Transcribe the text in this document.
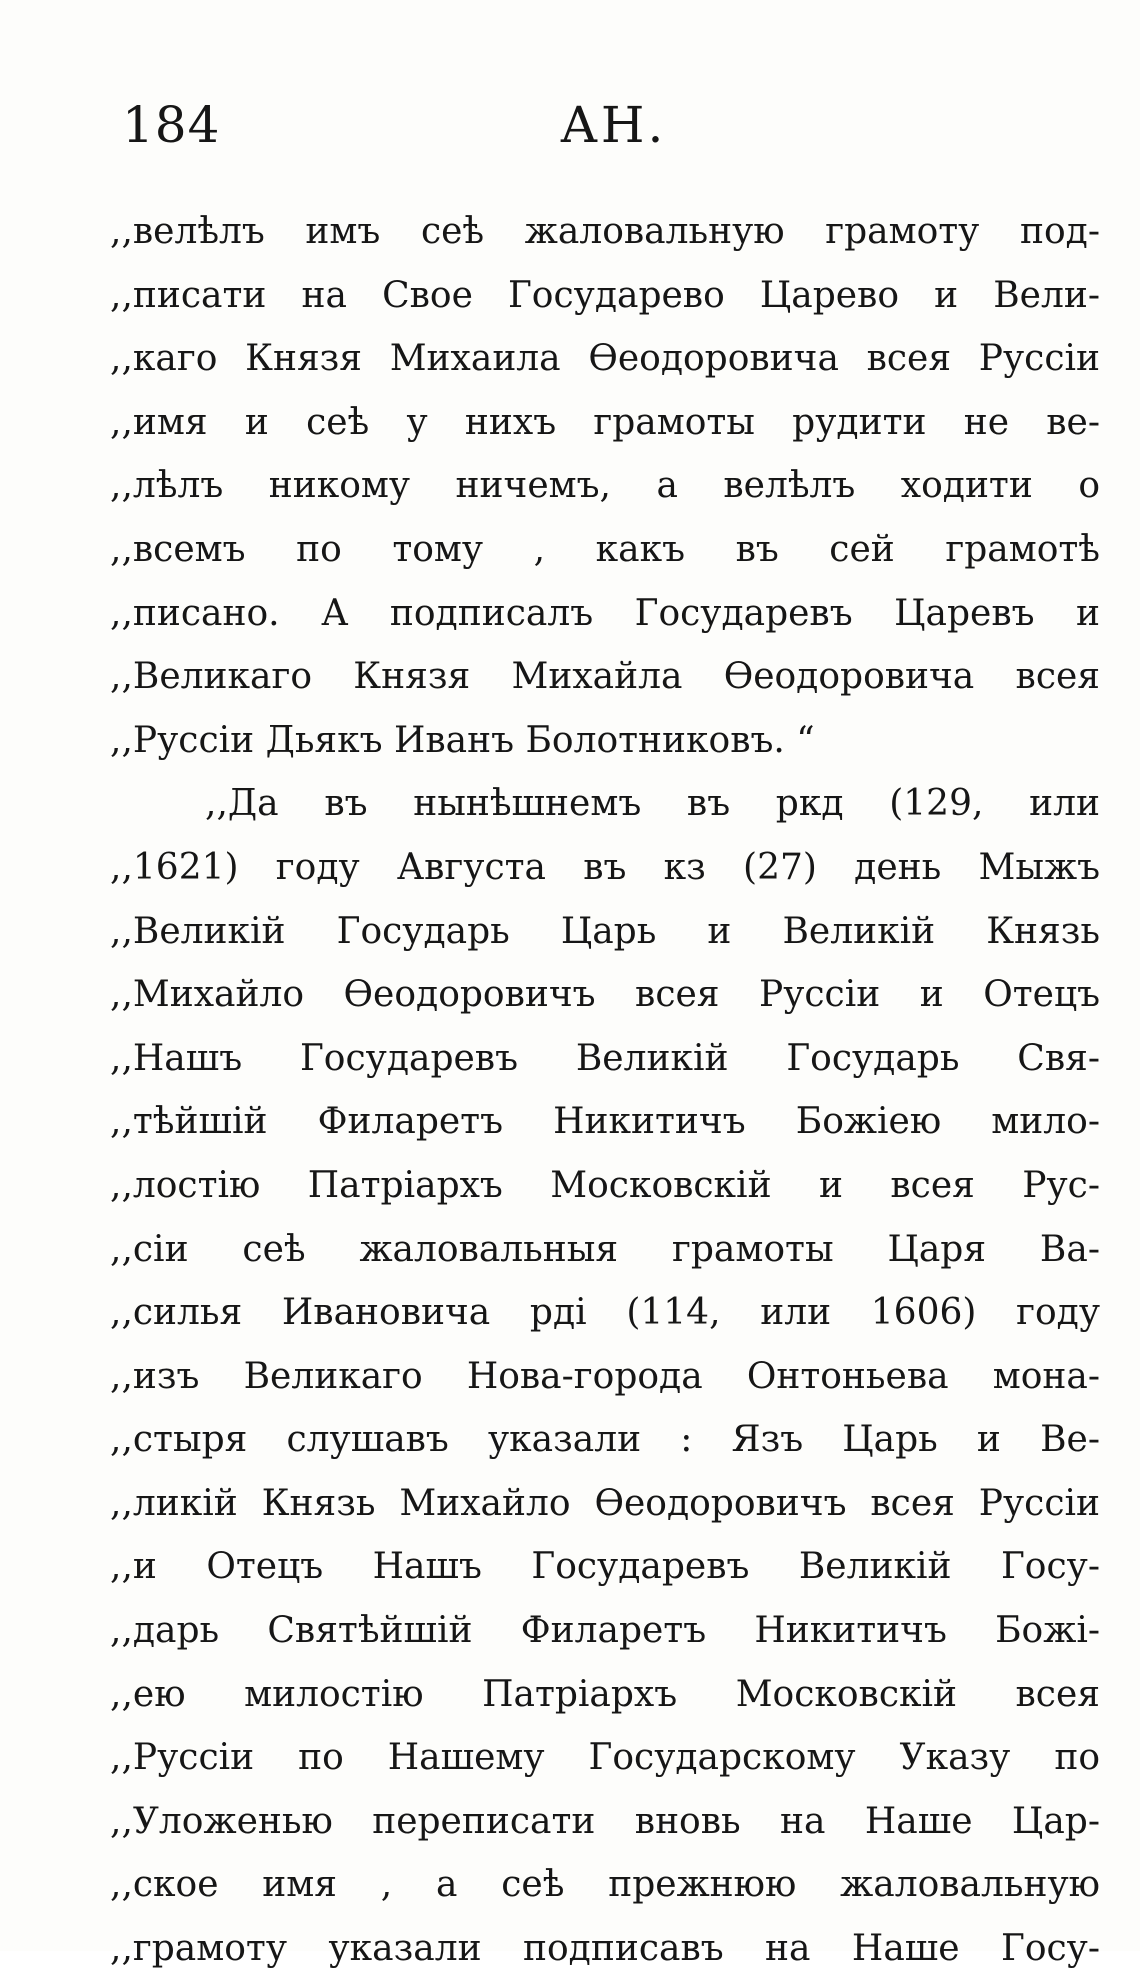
184	АН.
,,велѣлъ имъ сеѣ жаловальную грамоту под-
,,писати на Свое Государево Царево и Вели-
,,каго Князя Михаила Өеодоровича всея Руссiи
,,имя и сеѣ у нихъ грамоты рудити не ве-
,,лѣлъ никому ничемъ, а велѣлъ ходити о
,,всемъ по тому , какъ въ сей грамотѣ
,,писано. А подписалъ Государевъ Царевъ и
,,Великаго Князя Михайла Өеодоровича всея
,,Руссiи Дьякъ Иванъ Болотниковъ. “
,,Да въ нынѣшнемъ въ ркд (129, или
,,1621) году Августа въ кз (27) день Мыжъ
,,Великiй Государь Царь и Великiй Князь
,,Михайло Өеодоровичъ всея Руссiи и Отецъ
,,Нашъ Государевъ Великiй Государь Свя-
,,тѣйшiй Филаретъ Никитичъ Божiею мило-
,,лостiю Патрiархъ Московскiй и всея Рус-
,,сiи сеѣ жаловальныя грамоты Царя Ва-
,,силья Ивановича рдi (114, или 1606) году
,,изъ Великаго Нова-города Онтоньева мона-
,,стыря слушавъ указали : Язъ Царь и Ве-
,,ликiй Князь Михайло Өеодоровичъ всея Руссiи
,,и Отецъ Нашъ Государевъ Великiй Госу-
,,дарь Святѣйшiй Филаретъ Никитичъ Божi-
,,ею милостiю Патрiархъ Московскiй всея
,,Руссiи по Нашему Государскому Указу по
,,Уложенью переписати вновь на Наше Цар-
,,ское имя , а сеѣ прежнюю жаловальную
,,грамоту указали подписавъ на Наше Госу-
